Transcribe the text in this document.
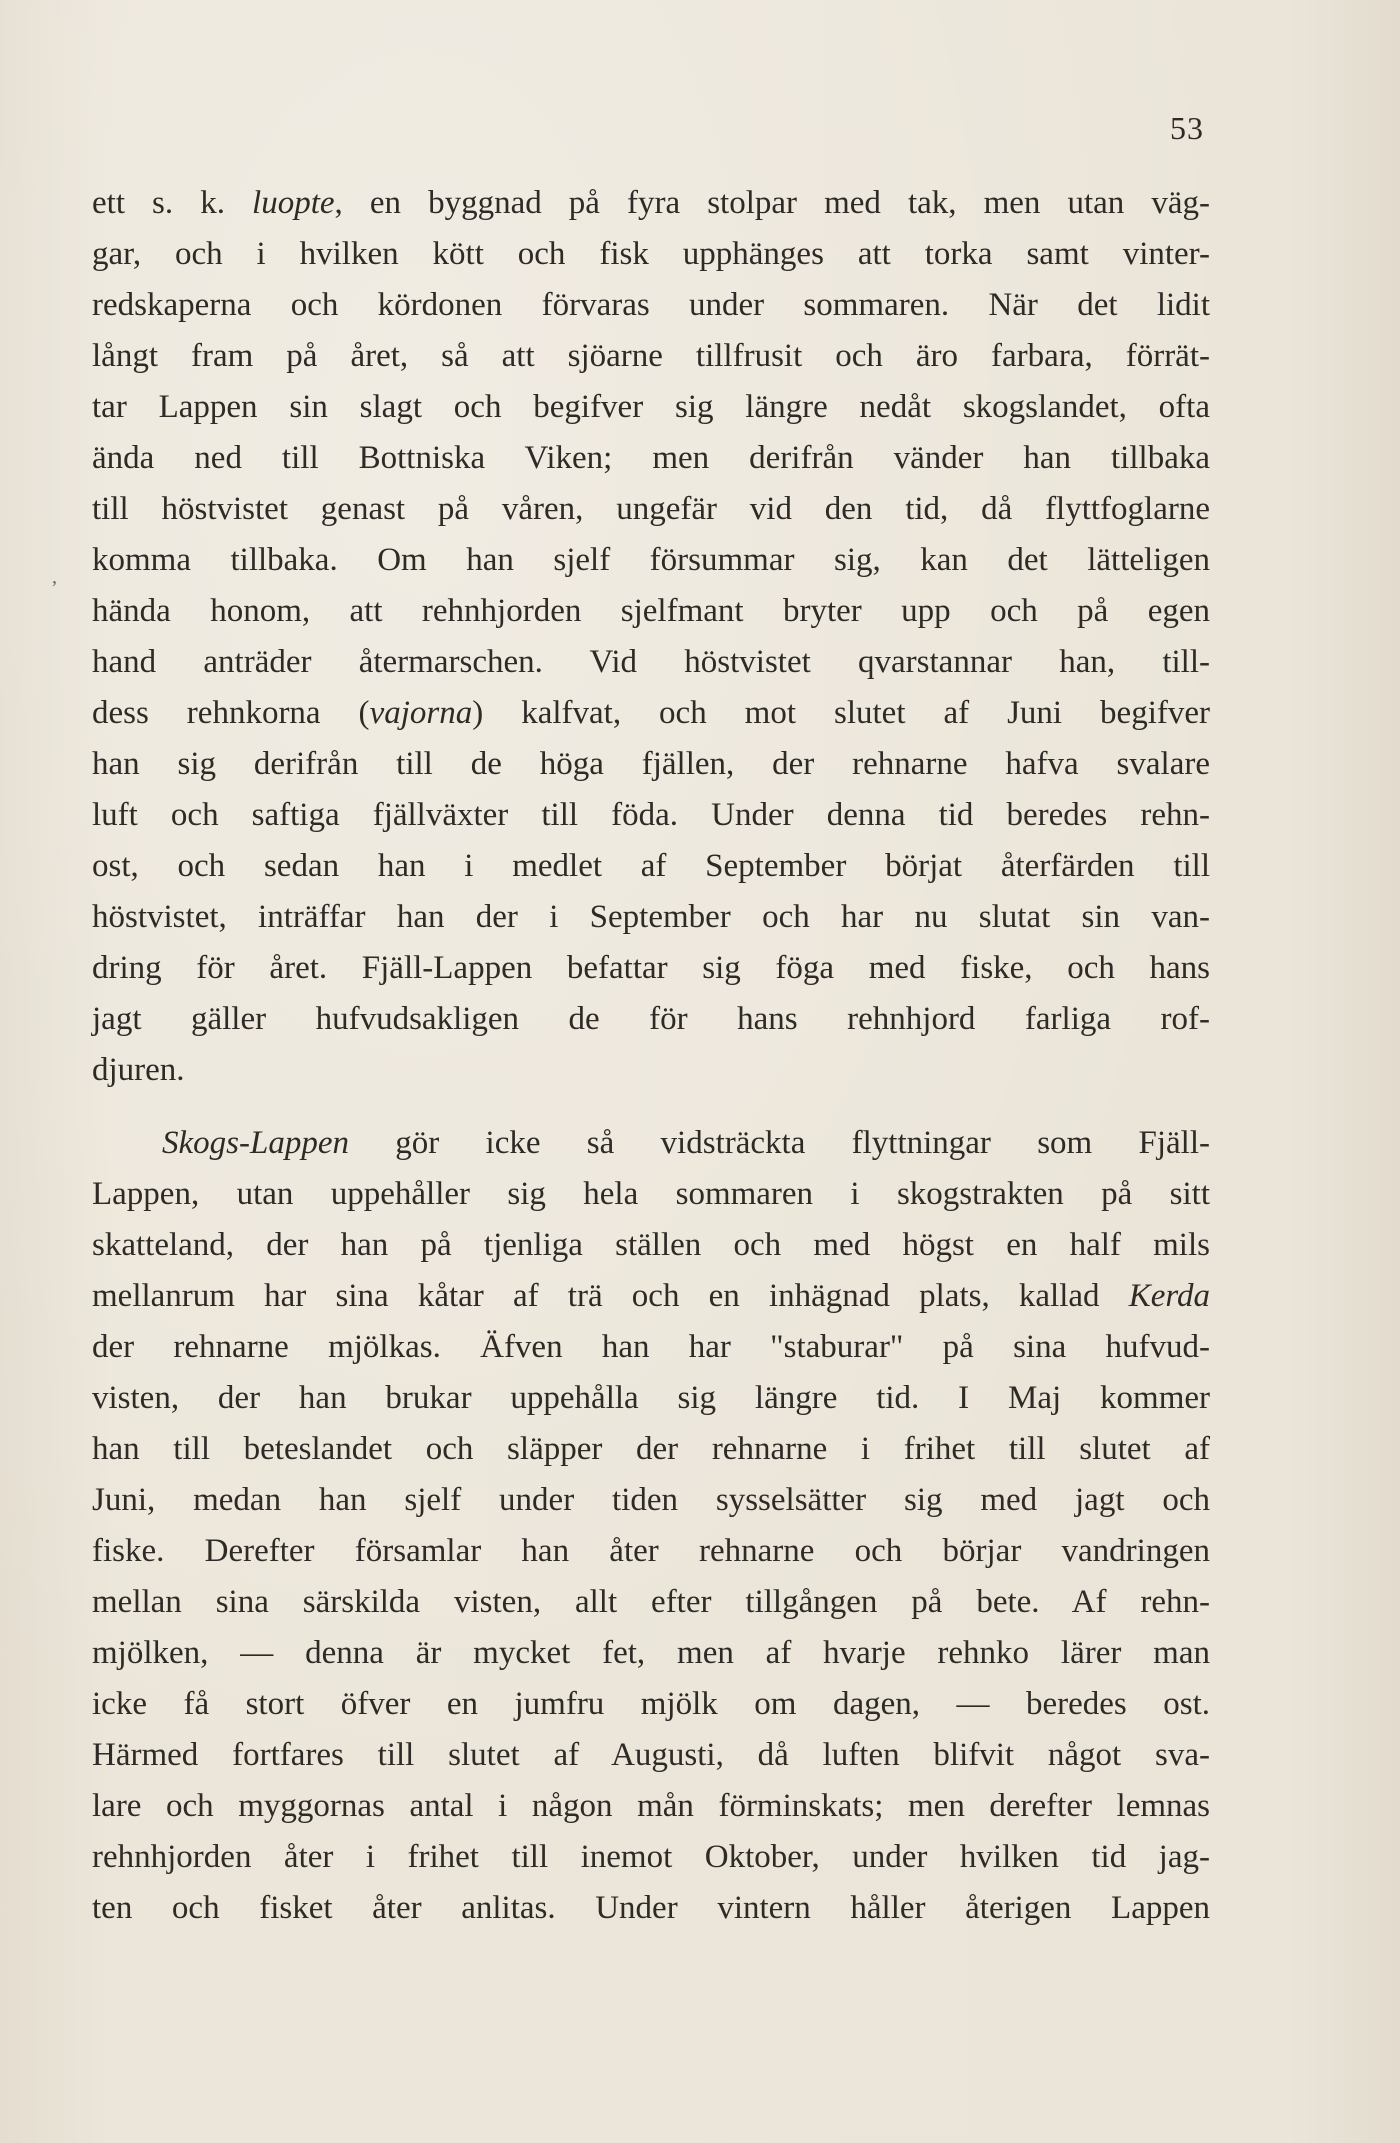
53
,
ett s. k. luopte, en byggnad på fyra stolpar med tak, men utan väg-
gar, och i hvilken kött och fisk upphänges att torka samt vinter-
redskaperna och kördonen förvaras under sommaren. När det lidit
långt fram på året, så att sjöarne tillfrusit och äro farbara, förrät-
tar Lappen sin slagt och begifver sig längre nedåt skogslandet, ofta
ända ned till Bottniska Viken; men derifrån vänder han tillbaka
till höstvistet genast på våren, ungefär vid den tid, då flyttfoglarne
komma tillbaka. Om han sjelf försummar sig, kan det lätteligen
hända honom, att rehnhjorden sjelfmant bryter upp och på egen
hand anträder återmarschen. Vid höstvistet qvarstannar han, till-
dess rehnkorna (vajorna) kalfvat, och mot slutet af Juni begifver
han sig derifrån till de höga fjällen, der rehnarne hafva svalare
luft och saftiga fjällväxter till föda. Under denna tid beredes rehn-
ost, och sedan han i medlet af September börjat återfärden till
höstvistet, inträffar han der i September och har nu slutat sin van-
dring för året. Fjäll-Lappen befattar sig föga med fiske, och hans
jagt gäller hufvudsakligen de för hans rehnhjord farliga rof-
djuren.
Skogs-Lappen gör icke så vidsträckta flyttningar som Fjäll-
Lappen, utan uppehåller sig hela sommaren i skogstrakten på sitt
skatteland, der han på tjenliga ställen och med högst en half mils
mellanrum har sina kåtar af trä och en inhägnad plats, kallad Kerda
der rehnarne mjölkas. Äfven han har "staburar" på sina hufvud-
visten, der han brukar uppehålla sig längre tid. I Maj kommer
han till beteslandet och släpper der rehnarne i frihet till slutet af
Juni, medan han sjelf under tiden sysselsätter sig med jagt och
fiske. Derefter församlar han åter rehnarne och börjar vandringen
mellan sina särskilda visten, allt efter tillgången på bete. Af rehn-
mjölken, — denna är mycket fet, men af hvarje rehnko lärer man
icke få stort öfver en jumfru mjölk om dagen, — beredes ost.
Härmed fortfares till slutet af Augusti, då luften blifvit något sva-
lare och myggornas antal i någon mån förminskats; men derefter lemnas
rehnhjorden åter i frihet till inemot Oktober, under hvilken tid jag-
ten och fisket åter anlitas. Under vintern håller återigen Lappen
